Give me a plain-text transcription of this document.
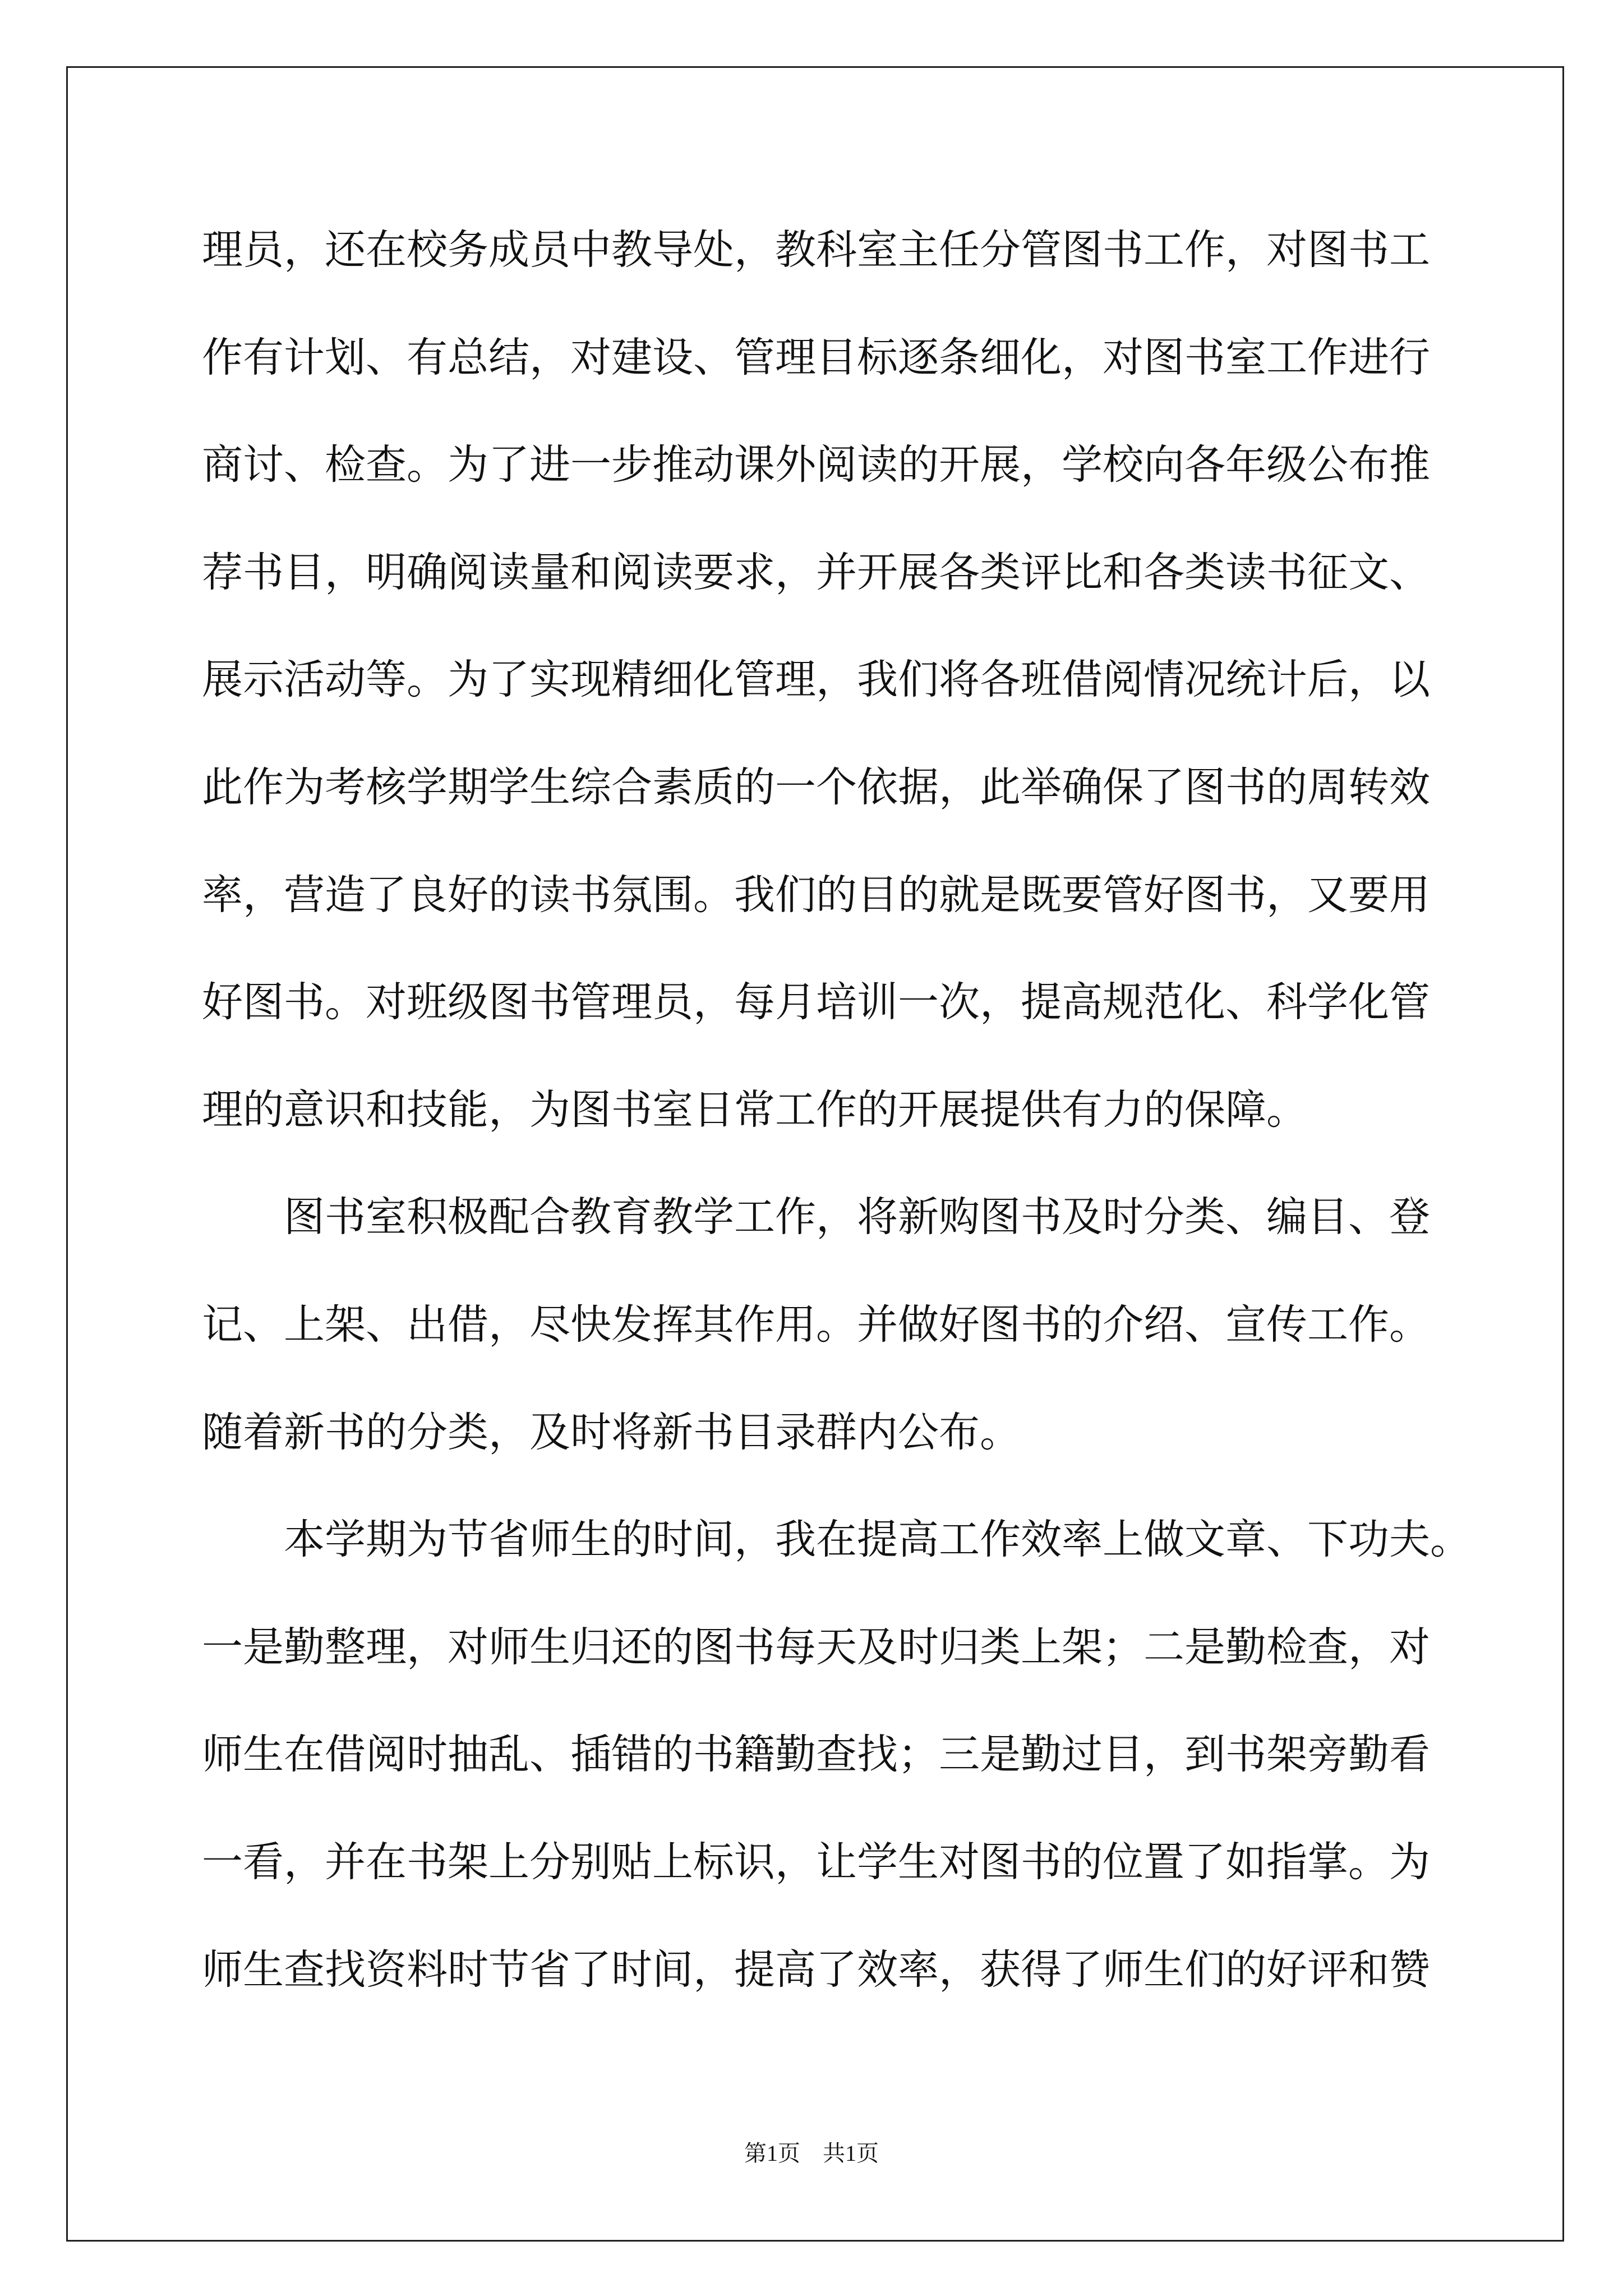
理员，还在校务成员中教导处，教科室主任分管图书工作，对图书工
作有计划、有总结，对建设、管理目标逐条细化，对图书室工作进行
商讨、检查。为了进一步推动课外阅读的开展，学校向各年级公布推
荐书目，明确阅读量和阅读要求，并开展各类评比和各类读书征文、
展示活动等。为了实现精细化管理，我们将各班借阅情况统计后，以
此作为考核学期学生综合素质的一个依据，此举确保了图书的周转效
率，营造了良好的读书氛围。我们的目的就是既要管好图书，又要用
好图书。对班级图书管理员，每月培训一次，提高规范化、科学化管
理的意识和技能，为图书室日常工作的开展提供有力的保障。
图书室积极配合教育教学工作，将新购图书及时分类、编目、登
记、上架、出借，尽快发挥其作用。并做好图书的介绍、宣传工作。
随着新书的分类，及时将新书目录群内公布。
本学期为节省师生的时间，我在提高工作效率上做文章、下功夫。
一是勤整理，对师生归还的图书每天及时归类上架；二是勤检查，对
师生在借阅时抽乱、插错的书籍勤查找；三是勤过目，到书架旁勤看
一看，并在书架上分别贴上标识，让学生对图书的位置了如指掌。为
师生查找资料时节省了时间，提高了效率，获得了师生们的好评和赞
第1页 共1页
